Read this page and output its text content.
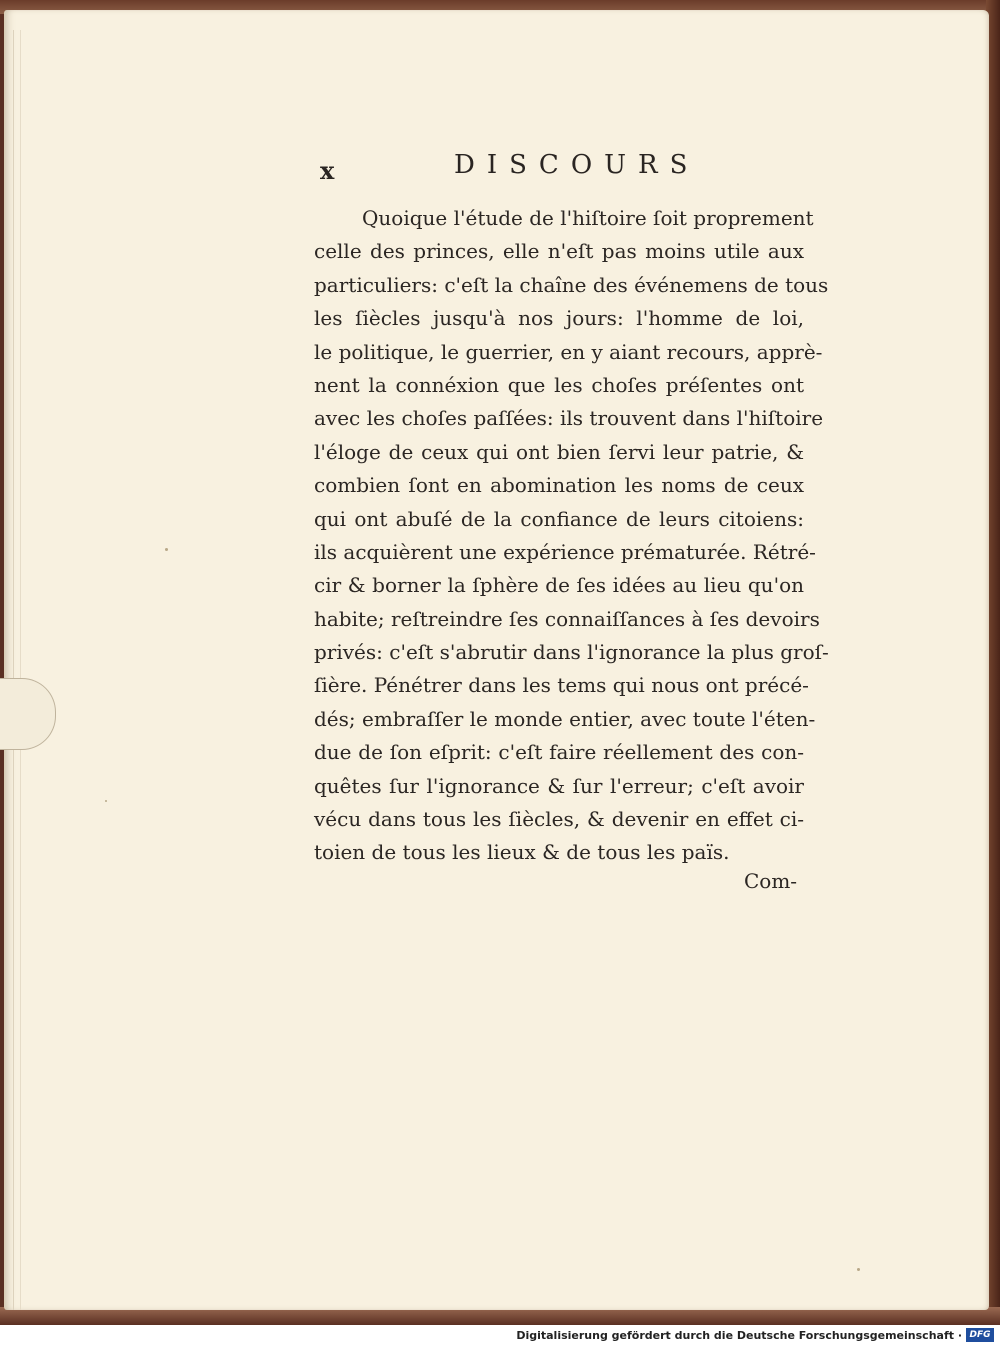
x	DISCOURS
Quoique l'étude de l'hiſtoire ſoit proprement
celle des princes, elle n'eſt pas moins utile aux
particuliers: c'eſt la chaîne des événemens de tous
les ſiècles jusqu'à nos jours: l'homme de loi,
le politique, le guerrier, en y aiant recours, apprè-
nent la connéxion que les choſes préſentes ont
avec les choſes paſſées: ils trouvent dans l'hiſtoire
l'éloge de ceux qui ont bien ſervi leur patrie, &
combien ſont en abomination les noms de ceux
qui ont abuſé de la confiance de leurs citoiens:
ils acquièrent une expérience prématurée. Rétré-
cir & borner la ſphère de ſes idées au lieu qu'on
habite; reſtreindre ſes connaiſſances à ſes devoirs
privés: c'eſt s'abrutir dans l'ignorance la plus groſ-
ſière. Pénétrer dans les tems qui nous ont précé-
dés; embraſſer le monde entier, avec toute l'éten-
due de ſon eſprit: c'eſt faire réellement des con-
quêtes ſur l'ignorance & ſur l'erreur; c'eſt avoir
vécu dans tous les ſiècles, & devenir en effet ci-
toien de tous les lieux & de tous les païs.
Com-
Digitalisierung gefördert durch die Deutsche Forschungsgemeinschaft · DFG
